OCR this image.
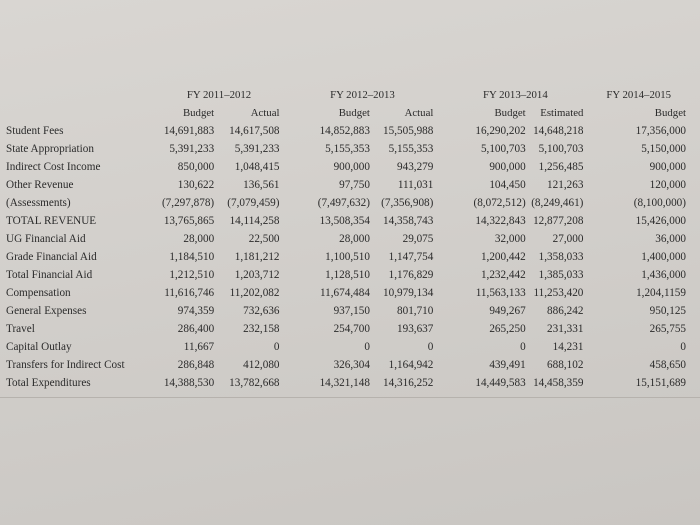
	FY 2011–2012		FY 2012–2013		FY 2013–2014		FY 2014–2015
	Budget	Actual	Budget	Actual	Budget	Estimated	Budget
Student Fees	14,691,883	14,617,508	14,852,883	15,505,988	16,290,202	14,648,218	17,356,000
State Appropriation	5,391,233	5,391,233	5,155,353	5,155,353	5,100,703	5,100,703	5,150,000
Indirect Cost Income	850,000	1,048,415	900,000	943,279	900,000	1,256,485	900,000
Other Revenue	130,622	136,561	97,750	111,031	104,450	121,263	120,000
(Assessments)	(7,297,878)	(7,079,459)	(7,497,632)	(7,356,908)	(8,072,512)	(8,249,461)	(8,100,000)
TOTAL REVENUE	13,765,865	14,114,258	13,508,354	14,358,743	14,322,843	12,877,208	15,426,000
UG Financial Aid	28,000	22,500	28,000	29,075	32,000	27,000	36,000
Grade Financial Aid	1,184,510	1,181,212	1,100,510	1,147,754	1,200,442	1,358,033	1,400,000
Total Financial Aid	1,212,510	1,203,712	1,128,510	1,176,829	1,232,442	1,385,033	1,436,000
Compensation	11,616,746	11,202,082	11,674,484	10,979,134	11,563,133	11,253,420	1,204,1159
General Expenses	974,359	732,636	937,150	801,710	949,267	886,242	950,125
Travel	286,400	232,158	254,700	193,637	265,250	231,331	265,755
Capital Outlay	11,667	0	0	0	0	14,231	0
Transfers for Indirect Cost	286,848	412,080	326,304	1,164,942	439,491	688,102	458,650
Total Expenditures	14,388,530	13,782,668	14,321,148	14,316,252	14,449,583	14,458,359	15,151,689
